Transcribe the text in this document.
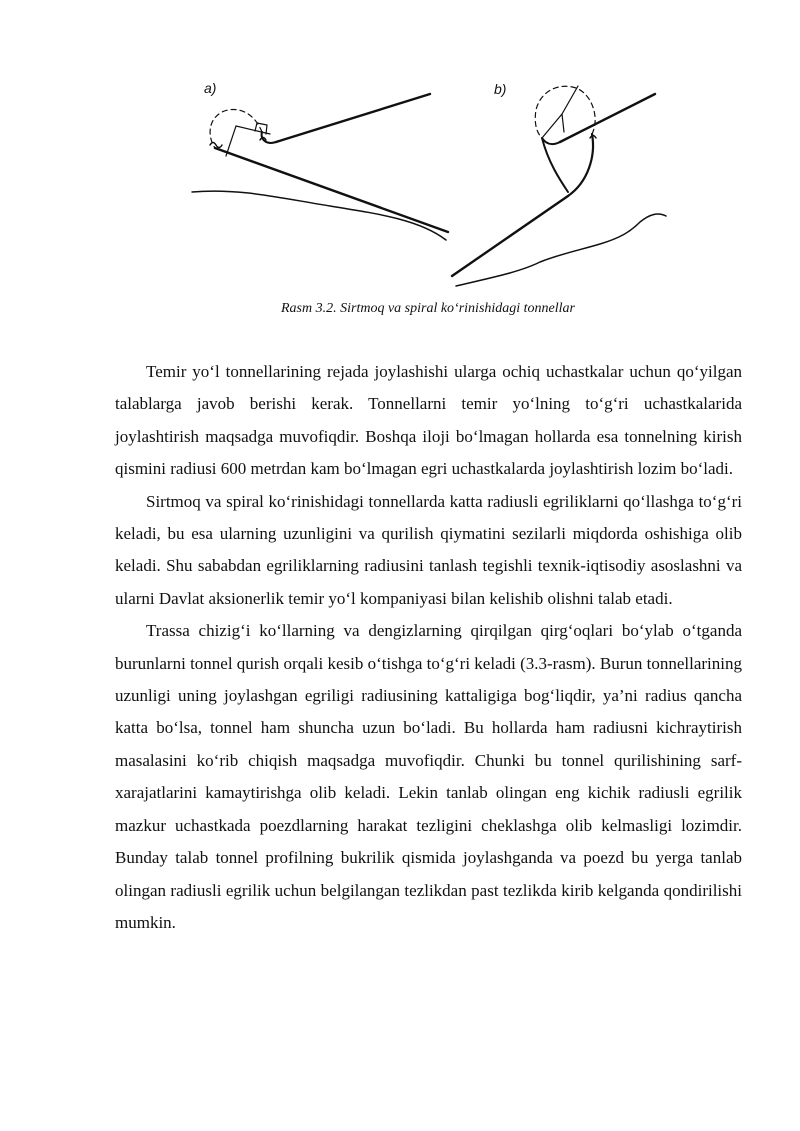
a)	b)
Rasm 3.2. Sirtmoq va spiral ko‘rinishidagi tonnellar

Temir yo‘l tonnellarining rejada joylashishi ularga ochiq uchastkalar uchun qo‘yilgan talablarga javob berishi kerak. Tonnellarni temir yo‘lning to‘g‘ri uchastkalarida joylashtirish maqsadga muvofiqdir. Boshqa iloji bo‘lmagan hollarda esa tonnelning kirish qismini radiusi 600 metrdan kam bo‘lmagan egri uchastkalarda joylashtirish lozim bo‘ladi.

Sirtmoq va spiral ko‘rinishidagi tonnellarda katta radiusli egriliklarni qo‘llashga to‘g‘ri keladi, bu esa ularning uzunligini va qurilish qiymatini sezilarli miqdorda oshishiga olib keladi. Shu sababdan egriliklarning radiusini tanlash tegishli texnik-iqtisodiy asoslashni va ularni Davlat aksionerlik temir yo‘l kompaniyasi bilan kelishib olishni talab etadi.

Trassa chizig‘i ko‘llarning va dengizlarning qirqilgan qirg‘oqlari bo‘ylab o‘tganda burunlarni tonnel qurish orqali kesib o‘tishga to‘g‘ri keladi (3.3-rasm). Burun tonnellarining uzunligi uning joylashgan egriligi radiusining kattaligiga bog‘liqdir, ya’ni radius qancha katta bo‘lsa, tonnel ham shuncha uzun bo‘ladi. Bu hollarda ham radiusni kichraytirish masalasini ko‘rib chiqish maqsadga muvofiqdir. Chunki bu tonnel qurilishining sarf-xarajatlarini kamaytirishga olib keladi. Lekin tanlab olingan eng kichik radiusli egrilik mazkur uchastkada poezdlarning harakat tezligini cheklashga olib kelmasligi lozimdir. Bunday talab tonnel profilning bukrilik qismida joylashganda va poezd bu yerga tanlab olingan radiusli egrilik uchun belgilangan tezlikdan past tezlikda kirib kelganda qondirilishi mumkin.
